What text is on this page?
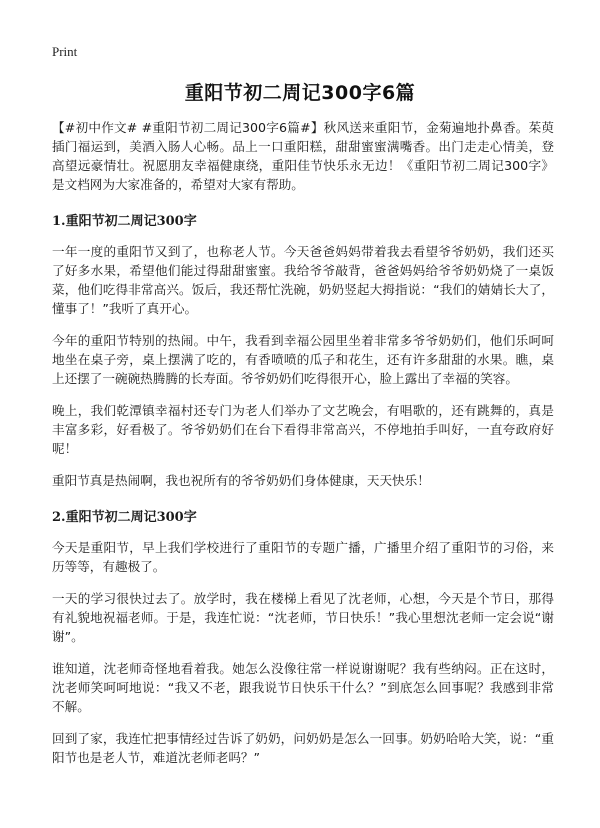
Print
重阳节初二周记300字6篇

【#初中作文# #重阳节初二周记300字6篇#】秋风送来重阳节，金菊遍地扑鼻香。茱萸插门福运到，美酒入肠人心畅。品上一口重阳糕，甜甜蜜蜜满嘴香。出门走走心情美，登高望远豪情壮。祝愿朋友幸福健康绕，重阳佳节快乐永无边！《重阳节初二周记300字》是文档网为大家准备的，希望对大家有帮助。

1.重阳节初二周记300字

一年一度的重阳节又到了，也称老人节。今天爸爸妈妈带着我去看望爷爷奶奶，我们还买了好多水果，希望他们能过得甜甜蜜蜜。我给爷爷敲背，爸爸妈妈给爷爷奶奶烧了一桌饭菜，他们吃得非常高兴。饭后，我还帮忙洗碗，奶奶竖起大拇指说：“我们的婧婧长大了，懂事了！”我听了真开心。

今年的重阳节特别的热闹。中午，我看到幸福公园里坐着非常多爷爷奶奶们，他们乐呵呵地坐在桌子旁，桌上摆满了吃的，有香喷喷的瓜子和花生，还有许多甜甜的水果。瞧，桌上还摆了一碗碗热腾腾的长寿面。爷爷奶奶们吃得很开心，脸上露出了幸福的笑容。

晚上，我们乾潭镇幸福村还专门为老人们举办了文艺晚会，有唱歌的，还有跳舞的，真是丰富多彩，好看极了。爷爷奶奶们在台下看得非常高兴，不停地拍手叫好，一直夸政府好呢！

重阳节真是热闹啊，我也祝所有的爷爷奶奶们身体健康，天天快乐！

2.重阳节初二周记300字

今天是重阳节，早上我们学校进行了重阳节的专题广播，广播里介绍了重阳节的习俗，来历等等，有趣极了。

一天的学习很快过去了。放学时，我在楼梯上看见了沈老师，心想，今天是个节日，那得有礼貌地祝福老师。于是，我连忙说：“沈老师，节日快乐！”我心里想沈老师一定会说“谢谢”。

谁知道，沈老师奇怪地看着我。她怎么没像往常一样说谢谢呢？我有些纳闷。正在这时，沈老师笑呵呵地说：“我又不老，跟我说节日快乐干什么？”到底怎么回事呢？我感到非常不解。

回到了家，我连忙把事情经过告诉了奶奶，问奶奶是怎么一回事。奶奶哈哈大笑，说：“重阳节也是老人节，难道沈老师老吗？”
